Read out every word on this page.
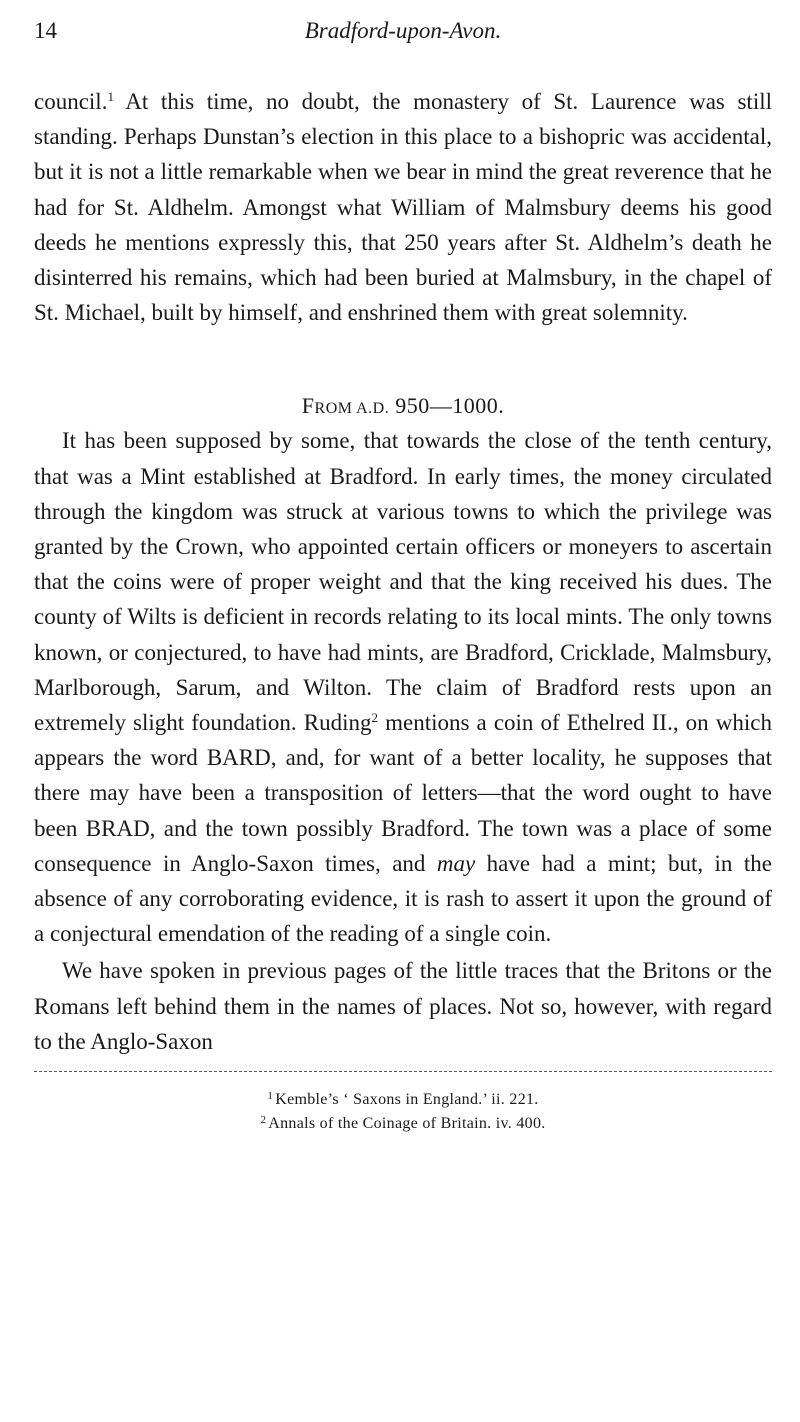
14	Bradford-upon-Avon.

council.$^1$ At this time, no doubt, the monastery of St. Laurence was still standing. Perhaps Dunstan’s election in this place to a bishopric was accidental, but it is not a little remarkable when we bear in mind the great reverence that he had for St. Aldhelm. Amongst what William of Malmsbury deems his good deeds he mentions expressly this, that 250 years after St. Aldhelm’s death he disinterred his remains, which had been buried at Malmsbury, in the chapel of St. Michael, built by himself, and enshrined them with great solemnity.

FROM A.D. 950—1000.

It has been supposed by some, that towards the close of the tenth century, that was a Mint established at Bradford. In early times, the money circulated through the kingdom was struck at various towns to which the privilege was granted by the Crown, who appointed certain officers or moneyers to ascertain that the coins were of proper weight and that the king received his dues. The county of Wilts is deficient in records relating to its local mints. The only towns known, or conjectured, to have had mints, are Bradford, Cricklade, Malmsbury, Marlborough, Sarum, and Wilton. The claim of Bradford rests upon an extremely slight foundation. Ruding$^2$ mentions a coin of Ethelred II., on which appears the word BARD, and, for want of a better locality, he supposes that there may have been a transposition of letters—that the word ought to have been BRAD, and the town possibly Bradford. The town was a place of some consequence in Anglo-Saxon times, and may have had a mint; but, in the absence of any corroborating evidence, it is rash to assert it upon the ground of a conjectural emendation of the reading of a single coin.

We have spoken in previous pages of the little traces that the Britons or the Romans left behind them in the names of places. Not so, however, with regard to the Anglo-Saxon

$^1$ Kemble’s ‘ Saxons in England.’ ii. 221.
$^2$ Annals of the Coinage of Britain. iv. 400.
